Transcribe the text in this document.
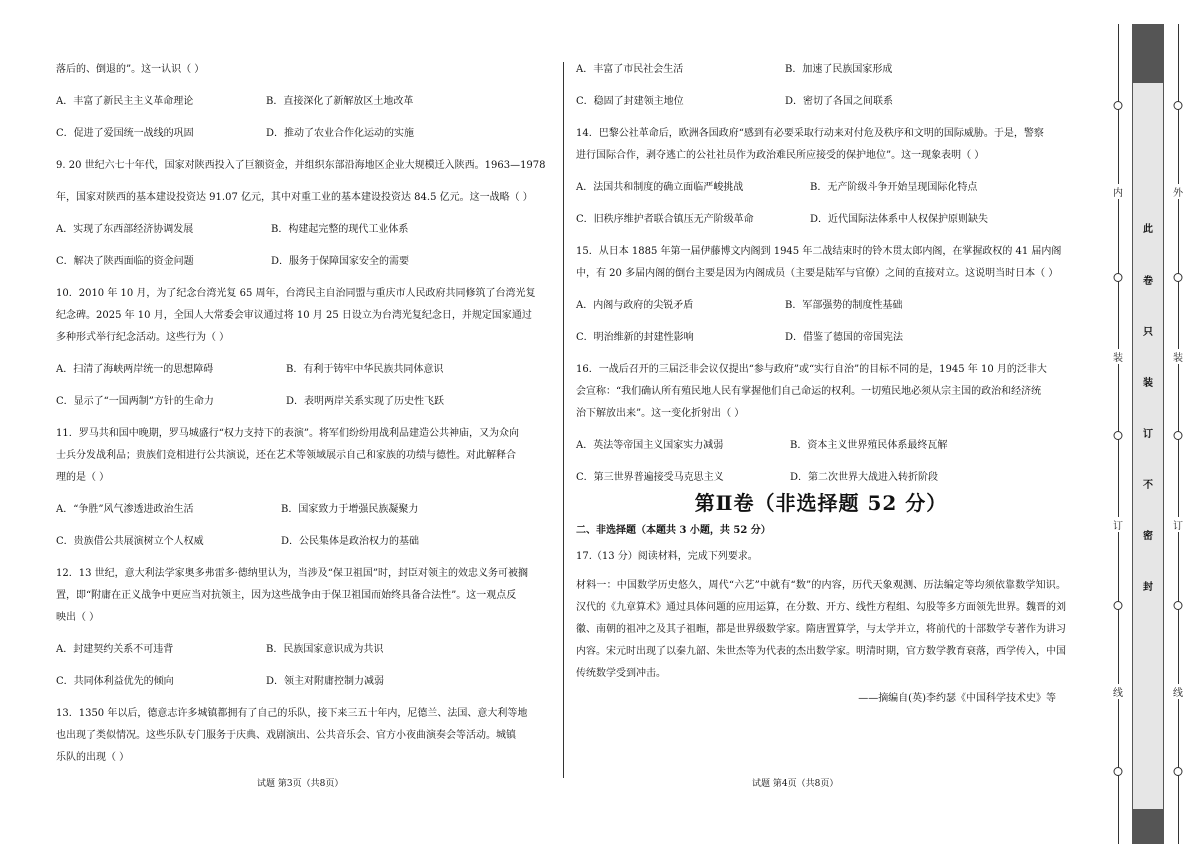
落后的、倒退的”。这一认识（ ）

A．丰富了新民主主义革命理论	B．直接深化了新解放区土地改革
C．促进了爱国统一战线的巩固	D．推动了农业合作化运动的实施

9. 20 世纪六七十年代，国家对陕西投入了巨额资金，并组织东部沿海地区企业大规模迁入陕西。1963—1978

年，国家对陕西的基本建设投资达 91.07 亿元，其中对重工业的基本建设投资达 84.5 亿元。这一战略（ ）

A．实现了东西部经济协调发展	B．构建起完整的现代工业体系
C．解决了陕西面临的资金问题	D．服务于保障国家安全的需要

10．2010 年 10 月，为了纪念台湾光复 65 周年，台湾民主自治同盟与重庆市人民政府共同修筑了台湾光复

纪念碑。2025 年 10 月，全国人大常委会审议通过将 10 月 25 日设立为台湾光复纪念日，并规定国家通过

多种形式举行纪念活动。这些行为（ ）

A．扫清了海峡两岸统一的思想障碍	B．有利于铸牢中华民族共同体意识
C．显示了“一国两制”方针的生命力	D．表明两岸关系实现了历史性飞跃

11．罗马共和国中晚期，罗马城盛行“权力支持下的表演”。将军们纷纷用战利品建造公共神庙，又为众向

士兵分发战利品；贵族们竞相进行公共演说，还在艺术等领域展示自己和家族的功绩与德性。对此解释合

理的是（ ）

A．“争胜”风气渗透进政治生活	B．国家致力于增强民族凝聚力
C．贵族借公共展演树立个人权威	D．公民集体是政治权力的基础

12．13 世纪，意大利法学家奥多弗雷多·德纳里认为，当涉及“保卫祖国”时，封臣对领主的效忠义务可被搁

置，即“附庸在正义战争中更应当对抗领主，因为这些战争由于保卫祖国而始终具备合法性”。这一观点反

映出（ ）

A．封建契约关系不可违背	B．民族国家意识成为共识
C．共同体利益优先的倾向	D．领主对附庸控制力减弱

13．1350 年以后，德意志许多城镇都拥有了自己的乐队，接下来三五十年内，尼德兰、法国、意大利等地

也出现了类似情况。这些乐队专门服务于庆典、戏剧演出、公共音乐会、官方小夜曲演奏会等活动。城镇

乐队的出现（ ）

试题 第3页（共8页）
A．丰富了市民社会生活	B．加速了民族国家形成
C．稳固了封建领主地位	D．密切了各国之间联系

14．巴黎公社革命后，欧洲各国政府“感到有必要采取行动来对付危及秩序和文明的国际威胁。于是，警察

进行国际合作，剥夺逃亡的公社社员作为政治难民所应接受的保护地位”。这一现象表明（ ）

A．法国共和制度的确立面临严峻挑战	B．无产阶级斗争开始呈现国际化特点
C．旧秩序维护者联合镇压无产阶级革命	D．近代国际法体系中人权保护原则缺失

15．从日本 1885 年第一届伊藤博文内阁到 1945 年二战结束时的铃木贯太郎内阁，在掌握政权的 41 届内阁

中，有 20 多届内阁的倒台主要是因为内阁成员（主要是陆军与官僚）之间的直接对立。这说明当时日本（ ）

A．内阁与政府的尖锐矛盾	B．军部强势的制度性基础
C．明治维新的封建性影响	D．借鉴了德国的帝国宪法

16．一战后召开的三届泛非会议仅提出“参与政府”或“实行自治”的目标不同的是，1945 年 10 月的泛非大

会宣称：“我们确认所有殖民地人民有掌握他们自己命运的权利。一切殖民地必须从宗主国的政治和经济统

治下解放出来”。这一变化折射出（ ）

A．英法等帝国主义国家实力减弱	B．资本主义世界殖民体系最终瓦解
C．第三世界普遍接受马克思主义	D．第二次世界大战进入转折阶段
第Ⅱ卷（非选择题 52 分）

二、非选择题（本题共 3 小题，共 52 分）

17.（13 分）阅读材料，完成下列要求。

材料一：中国数学历史悠久，周代“六艺”中就有“数”的内容，历代天象观测、历法编定等均须依靠数学知识。汉代的《九章算术》通过具体问题的应用运算，在分数、开方、线性方程组、勾股等多方面领先世界。魏晋的刘徽、南朝的祖冲之及其子祖暅，都是世界级数学家。隋唐置算学，与太学并立，将前代的十部数学专著作为讲习内容。宋元时出现了以秦九韶、朱世杰等为代表的杰出数学家。明清时期，官方数学教育衰落，西学传入，中国传统数学受到冲击。

——摘编自(英)李约瑟《中国科学技术史》等

试题 第4页（共8页）
内
装
订
线
外
装
订
线
此
卷
只
装
订
不
密
封
